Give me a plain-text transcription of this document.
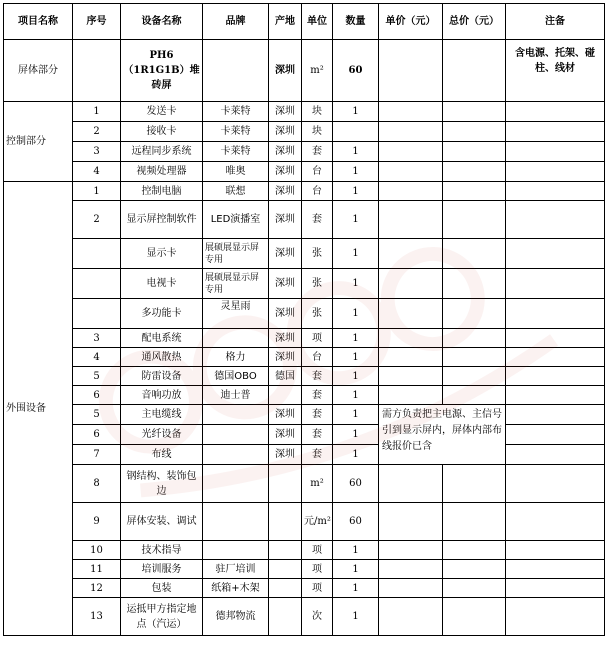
项目名称	序号	设备名称	品牌	产地	单位	数量	单价（元）	总价（元）	注备
屏体部分		PH6（1R1G1B）堆砖屏		深圳	m²	60			含电源、托架、碰柱、线材
控制部分	1	发送卡	卡莱特	深圳	块	1			
	2	接收卡	卡莱特	深圳	块				
	3	远程同步系统	卡莱特	深圳	套	1			
	4	视频处理器	唯奥	深圳	台	1			
外围设备	1	控制电脑	联想	深圳	台	1			
	2	显示屏控制软件	LED演播室	深圳	套	1			
		显示卡	展硕展显示屏专用	深圳	张	1			
		电视卡	展硕展显示屏专用	深圳	张	1			
		多功能卡	灵星雨	深圳	张	1			
	3	配电系统		深圳	项	1			
	4	通风散热	格力	深圳	台	1			
	5	防雷设备	德国OBO	德国	套	1			
	6	音响功放	迪士普		套	1			
	5	主电缆线		深圳	套	1	需方负责把主电源、主信号引到显示屏内，屏体内部布线报价已含		
	6	光纤设备		深圳	套	1			
	7	布线		深圳	套	1			
	8	钢结构、装饰包边			m²	60			
	9	屏体安装、调试			元/m²	60			
	10	技术指导			项	1			
	11	培训服务	驻厂培训		项	1			
	12	包装	纸箱+木架		项	1			
	13	运抵甲方指定地点（汽运）	德邦物流		次	1			
